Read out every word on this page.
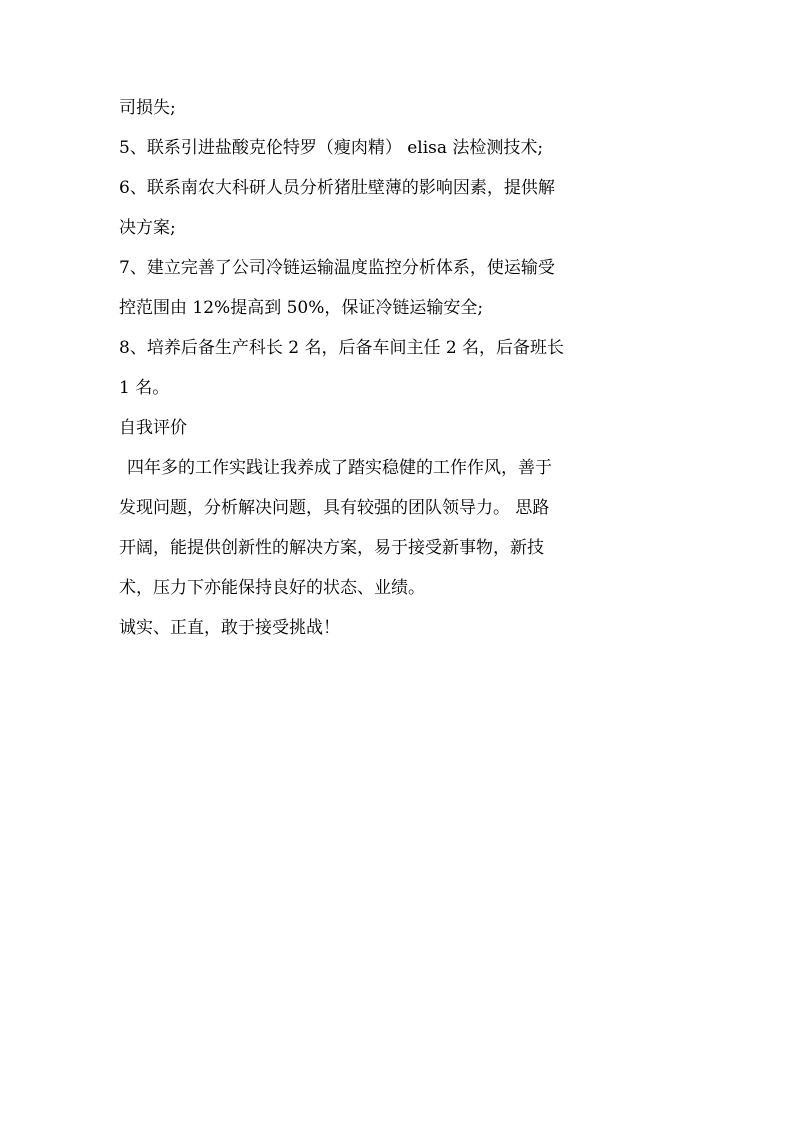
司损失;
5、联系引进盐酸克伦特罗（瘦肉精） elisa 法检测技术;
6、联系南农大科研人员分析猪肚壁薄的影响因素，提供解
决方案;
7、建立完善了公司冷链运输温度监控分析体系，使运输受
控范围由 12%提高到 50%，保证冷链运输安全;
8、培养后备生产科长 2 名，后备车间主任 2 名，后备班长
1 名。
自我评价
四年多的工作实践让我养成了踏实稳健的工作作风，善于
发现问题，分析解决问题，具有较强的团队领导力。 思路
开阔，能提供创新性的解决方案，易于接受新事物，新技
术，压力下亦能保持良好的状态、业绩。
诚实、正直，敢于接受挑战！
